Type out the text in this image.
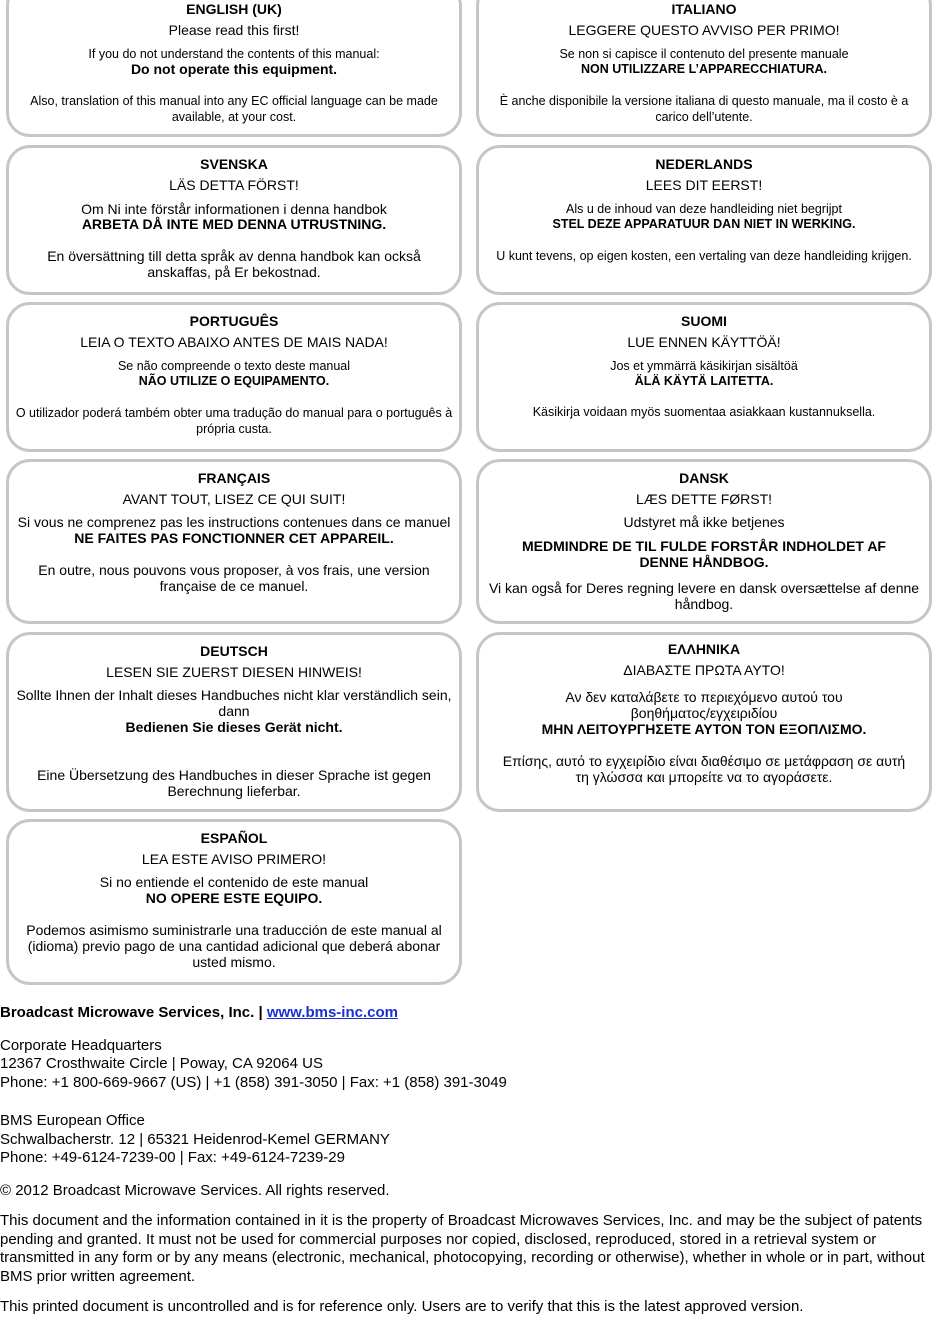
ENGLISH (UK)
Please read this first!
If you do not understand the contents of this manual:
Do not operate this equipment.
Also, translation of this manual into any EC official language can be made available, at your cost.
ITALIANO
LEGGERE QUESTO AVVISO PER PRIMO!
Se non si capisce il contenuto del presente manuale
NON UTILIZZARE L’APPARECCHIATURA.
È anche disponibile la versione italiana di questo manuale, ma il costo è a carico dell’utente.
SVENSKA
LÄS DETTA FÖRST!
Om Ni inte förstår informationen i denna handbok
ARBETA DÅ INTE MED DENNA UTRUSTNING.
En översättning till detta språk av denna handbok kan också anskaffas, på Er bekostnad.
NEDERLANDS
LEES DIT EERST!
Als u de inhoud van deze handleiding niet begrijpt
STEL DEZE APPARATUUR DAN NIET IN WERKING.
U kunt tevens, op eigen kosten, een vertaling van deze handleiding krijgen.
PORTUGUÊS
LEIA O TEXTO ABAIXO ANTES DE MAIS NADA!
Se não compreende o texto deste manual
NÃO UTILIZE O EQUIPAMENTO.
O utilizador poderá também obter uma tradução do manual para o português à própria custa.
SUOMI
LUE ENNEN KÄYTTÖÄ!
Jos et ymmärrä käsikirjan sisältöä
ÄLÄ KÄYTÄ LAITETTA.
Käsikirja voidaan myös suomentaa asiakkaan kustannuksella.
FRANÇAIS
AVANT TOUT, LISEZ CE QUI SUIT!
Si vous ne comprenez pas les instructions contenues dans ce manuel
NE FAITES PAS FONCTIONNER CET APPAREIL.
En outre, nous pouvons vous proposer, à vos frais, une version française de ce manuel.
DANSK
LÆS DETTE FØRST!
Udstyret må ikke betjenes
MEDMINDRE DE TIL FULDE FORSTÅR INDHOLDET AF DENNE HÅNDBOG.
Vi kan også for Deres regning levere en dansk oversættelse af denne håndbog.
DEUTSCH
LESEN SIE ZUERST DIESEN HINWEIS!
Sollte Ihnen der Inhalt dieses Handbuches nicht klar verständlich sein, dann
Bedienen Sie dieses Gerät nicht.
Eine Übersetzung des Handbuches in dieser Sprache ist gegen Berechnung lieferbar.
ΕΛΛΗΝΙΚΑ
ΔΙΑΒΑΣΤΕ ΠΡΩΤΑ ΑΥΤΟ!
Αν δεν καταλάβετε το περιεχόμενο αυτού του βοηθήματος/εγχειριδίου
ΜΗΝ ΛΕΙΤΟΥΡΓΗΣΕΤΕ ΑΥΤΟΝ ΤΟΝ ΕΞΟΠΛΙΣΜΟ.
Επίσης, αυτό το εγχειρίδιο είναι διαθέσιμο σε μετάφραση σε αυτή τη γλώσσα και μπορείτε να το αγοράσετε.
ESPAÑOL
LEA ESTE AVISO PRIMERO!
Si no entiende el contenido de este manual
NO OPERE ESTE EQUIPO.
Podemos asimismo suministrarle una traducción de este manual al (idioma) previo pago de una cantidad adicional que deberá abonar usted mismo.

Broadcast Microwave Services, Inc. | www.bms-inc.com

Corporate Headquarters

12367 Crosthwaite Circle | Poway, CA 92064 US

Phone: +1 800-669-9667 (US) | +1 (858) 391-3050 | Fax: +1 (858) 391-3049

BMS European Office

Schwalbacherstr. 12 | 65321 Heidenrod-Kemel GERMANY

Phone: +49-6124-7239-00 | Fax: +49-6124-7239-29

© 2012 Broadcast Microwave Services. All rights reserved.

This document and the information contained in it is the property of Broadcast Microwaves Services, Inc. and may be the subject of patents pending and granted. It must not be used for commercial purposes nor copied, disclosed, reproduced, stored in a retrieval system or transmitted in any form or by any means (electronic, mechanical, photocopying, recording or otherwise), whether in whole or in part, without BMS prior written agreement.

This printed document is uncontrolled and is for reference only. Users are to verify that this is the latest approved version.
